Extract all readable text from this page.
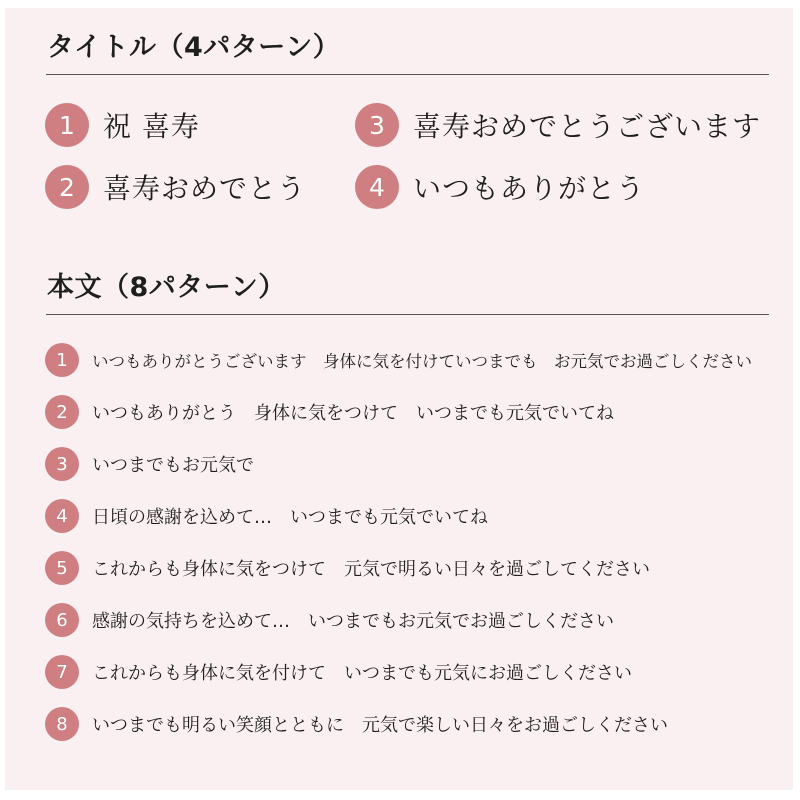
タイトル（4パターン）
1	祝 喜寿
2	喜寿おめでとう
3	喜寿おめでとうございます
4	いつもありがとう
本文（8パターン）
1	いつもありがとうございます　身体に気を付けていつまでも　お元気でお過ごしください
2	いつもありがとう　身体に気をつけて　いつまでも元気でいてね
3	いつまでもお元気で
4	日頃の感謝を込めて…　いつまでも元気でいてね
5	これからも身体に気をつけて　元気で明るい日々を過ごしてください
6	感謝の気持ちを込めて…　いつまでもお元気でお過ごしください
7	これからも身体に気を付けて　いつまでも元気にお過ごしください
8	いつまでも明るい笑顔とともに　元気で楽しい日々をお過ごしください
